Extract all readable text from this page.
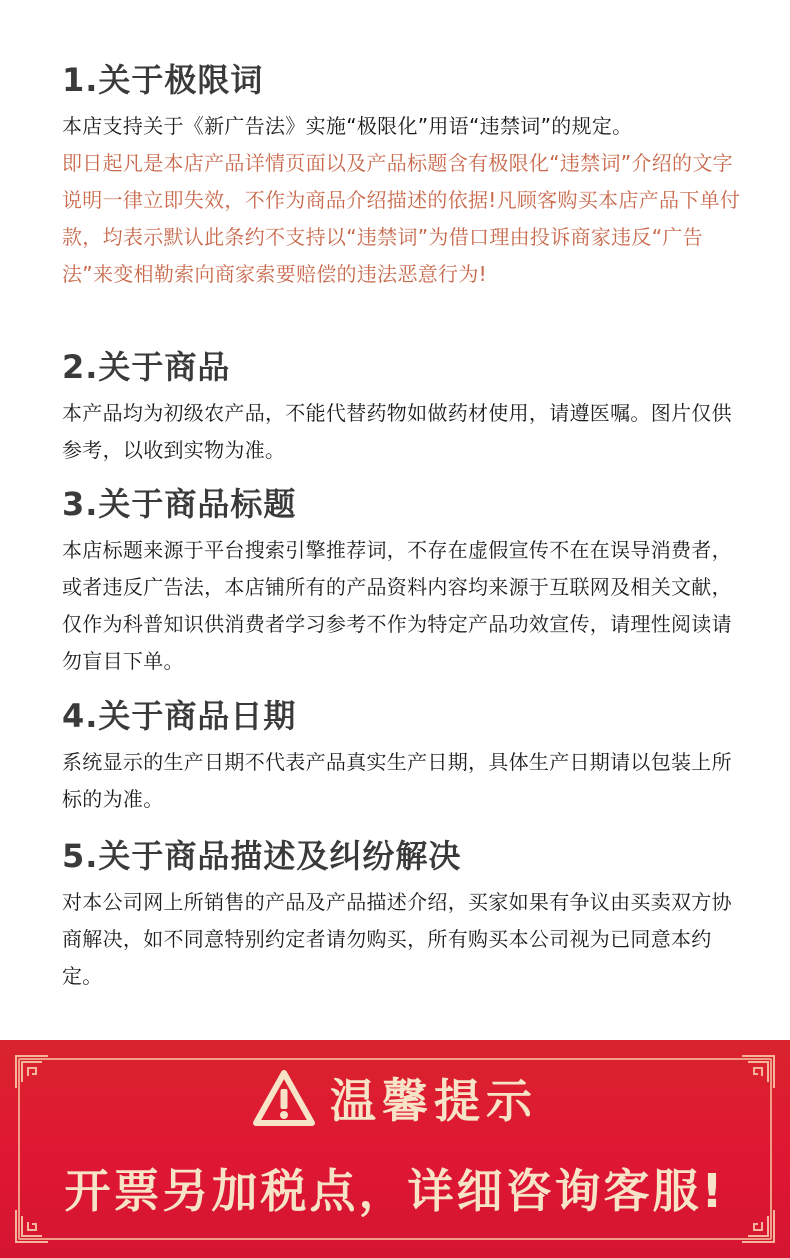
1.关于极限词

本店支持关于《新广告法》实施“极限化”用语“违禁词”的规定。

即日起凡是本店产品详情页面以及产品标题含有极限化“违禁词”介绍的文字说明一律立即失效，不作为商品介绍描述的依据!凡顾客购买本店产品下单付款，均表示默认此条约不支持以“违禁词”为借口理由投诉商家违反“广告法”来变相勒索向商家索要赔偿的违法恶意行为!

2.关于商品

本产品均为初级农产品，不能代替药物如做药材使用，请遵医嘱。图片仅供参考，以收到实物为准。

3.关于商品标题

本店标题来源于平台搜索引擎推荐词，不存在虚假宣传不在在误导消费者，或者违反广告法，本店铺所有的产品资料内容均来源于互联网及相关文献，仅作为科普知识供消费者学习参考不作为特定产品功效宣传，请理性阅读请勿盲目下单。

4.关于商品日期

系统显示的生产日期不代表产品真实生产日期，具体生产日期请以包装上所标的为准。

5.关于商品描述及纠纷解决

对本公司网上所销售的产品及产品描述介绍，买家如果有争议由买卖双方协商解决，如不同意特别约定者请勿购买，所有购买本公司视为已同意本约定。

温馨提示
开票另加税点，详细咨询客服!
